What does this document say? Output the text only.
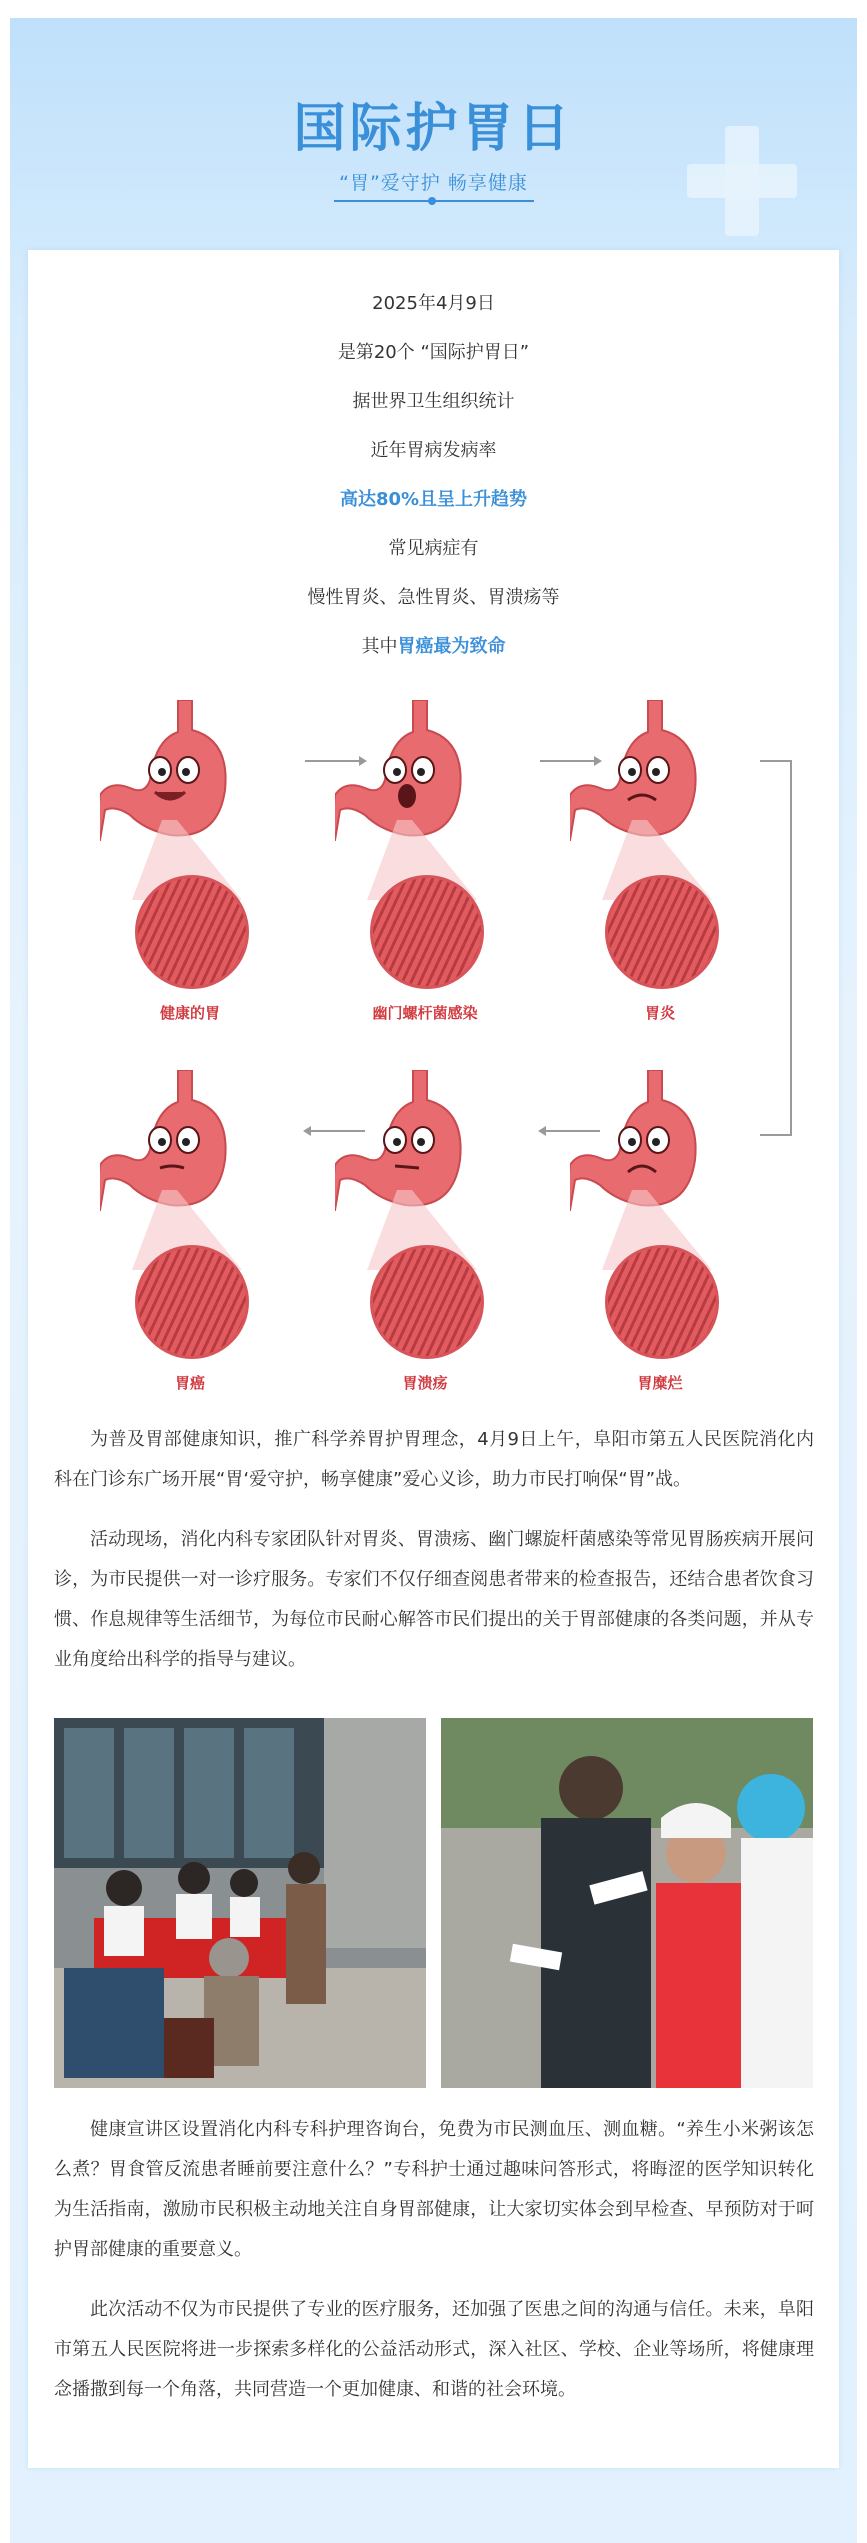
国际护胃日
“胃”爱守护 畅享健康
2025年4月9日
是第20个 “国际护胃日”
据世界卫生组织统计
近年胃病发病率
高达80%且呈上升趋势
常见病症有
慢性胃炎、急性胃炎、胃溃疡等
其中胃癌最为致命
健康的胃	幽门螺杆菌感染	胃炎
胃癌	胃溃疡	胃糜烂

为普及胃部健康知识，推广科学养胃护胃理念，4月9日上午，阜阳市第五人民医院消化内科在门诊东广场开展“胃‘爱守护，畅享健康”爱心义诊，助力市民打响保“胃”战。

活动现场，消化内科专家团队针对胃炎、胃溃疡、幽门螺旋杆菌感染等常见胃肠疾病开展问诊，为市民提供一对一诊疗服务。专家们不仅仔细查阅患者带来的检查报告，还结合患者饮食习惯、作息规律等生活细节，为每位市民耐心解答市民们提出的关于胃部健康的各类问题，并从专业角度给出科学的指导与建议。

健康宣讲区设置消化内科专科护理咨询台，免费为市民测血压、测血糖。“养生小米粥该怎么煮？胃食管反流患者睡前要注意什么？”专科护士通过趣味问答形式，将晦涩的医学知识转化为生活指南，激励市民积极主动地关注自身胃部健康，让大家切实体会到早检查、早预防对于呵护胃部健康的重要意义。

此次活动不仅为市民提供了专业的医疗服务，还加强了医患之间的沟通与信任。未来，阜阳市第五人民医院将进一步探索多样化的公益活动形式，深入社区、学校、企业等场所，将健康理念播撒到每一个角落，共同营造一个更加健康、和谐的社会环境。
